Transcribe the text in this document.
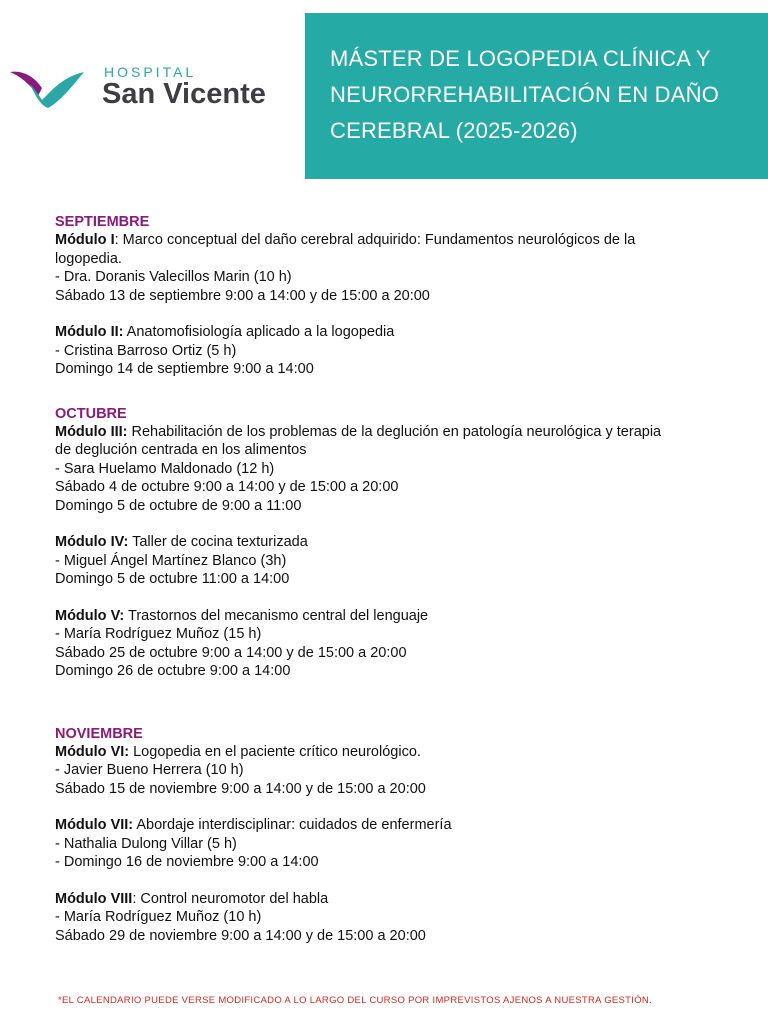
HOSPITAL
San Vicente
MÁSTER DE LOGOPEDIA CLÍNICA Y
NEURORREHABILITACIÓN EN DAÑO
CEREBRAL (2025-2026)
SEPTIEMBRE
Módulo I: Marco conceptual del daño cerebral adquirido: Fundamentos neurológicos de la
logopedia.
- Dra. Doranis Valecillos Marin (10 h)
Sábado 13 de septiembre 9:00 a 14:00 y de 15:00 a 20:00
Módulo II: Anatomofisiología aplicado a la logopedia
- Cristina Barroso Ortiz (5 h)
Domingo 14 de septiembre 9:00 a 14:00
OCTUBRE
Módulo III: Rehabilitación de los problemas de la deglución en patología neurológica y terapia
de deglución centrada en los alimentos
- Sara Huelamo Maldonado (12 h)
Sábado 4 de octubre 9:00 a 14:00 y de 15:00 a 20:00
Domingo 5 de octubre de 9:00 a 11:00
Módulo IV: Taller de cocina texturizada
- Miguel Ángel Martínez Blanco (3h)
Domingo 5 de octubre 11:00 a 14:00
Módulo V: Trastornos del mecanismo central del lenguaje
- María Rodríguez Muñoz (15 h)
Sábado 25 de octubre 9:00 a 14:00 y de 15:00 a 20:00
Domingo 26 de octubre 9:00 a 14:00
NOVIEMBRE
Módulo VI: Logopedia en el paciente crítico neurológico.
- Javier Bueno Herrera (10 h)
Sábado 15 de noviembre 9:00 a 14:00 y de 15:00 a 20:00
Módulo VII: Abordaje interdisciplinar: cuidados de enfermería
- Nathalia Dulong Villar (5 h)
- Domingo 16 de noviembre 9:00 a 14:00
Módulo VIII: Control neuromotor del habla
- María Rodríguez Muñoz (10 h)
Sábado 29 de noviembre 9:00 a 14:00 y de 15:00 a 20:00
*EL CALENDARIO PUEDE VERSE MODIFICADO A LO LARGO DEL CURSO POR IMPREVISTOS AJENOS A NUESTRA GESTIÓN.
